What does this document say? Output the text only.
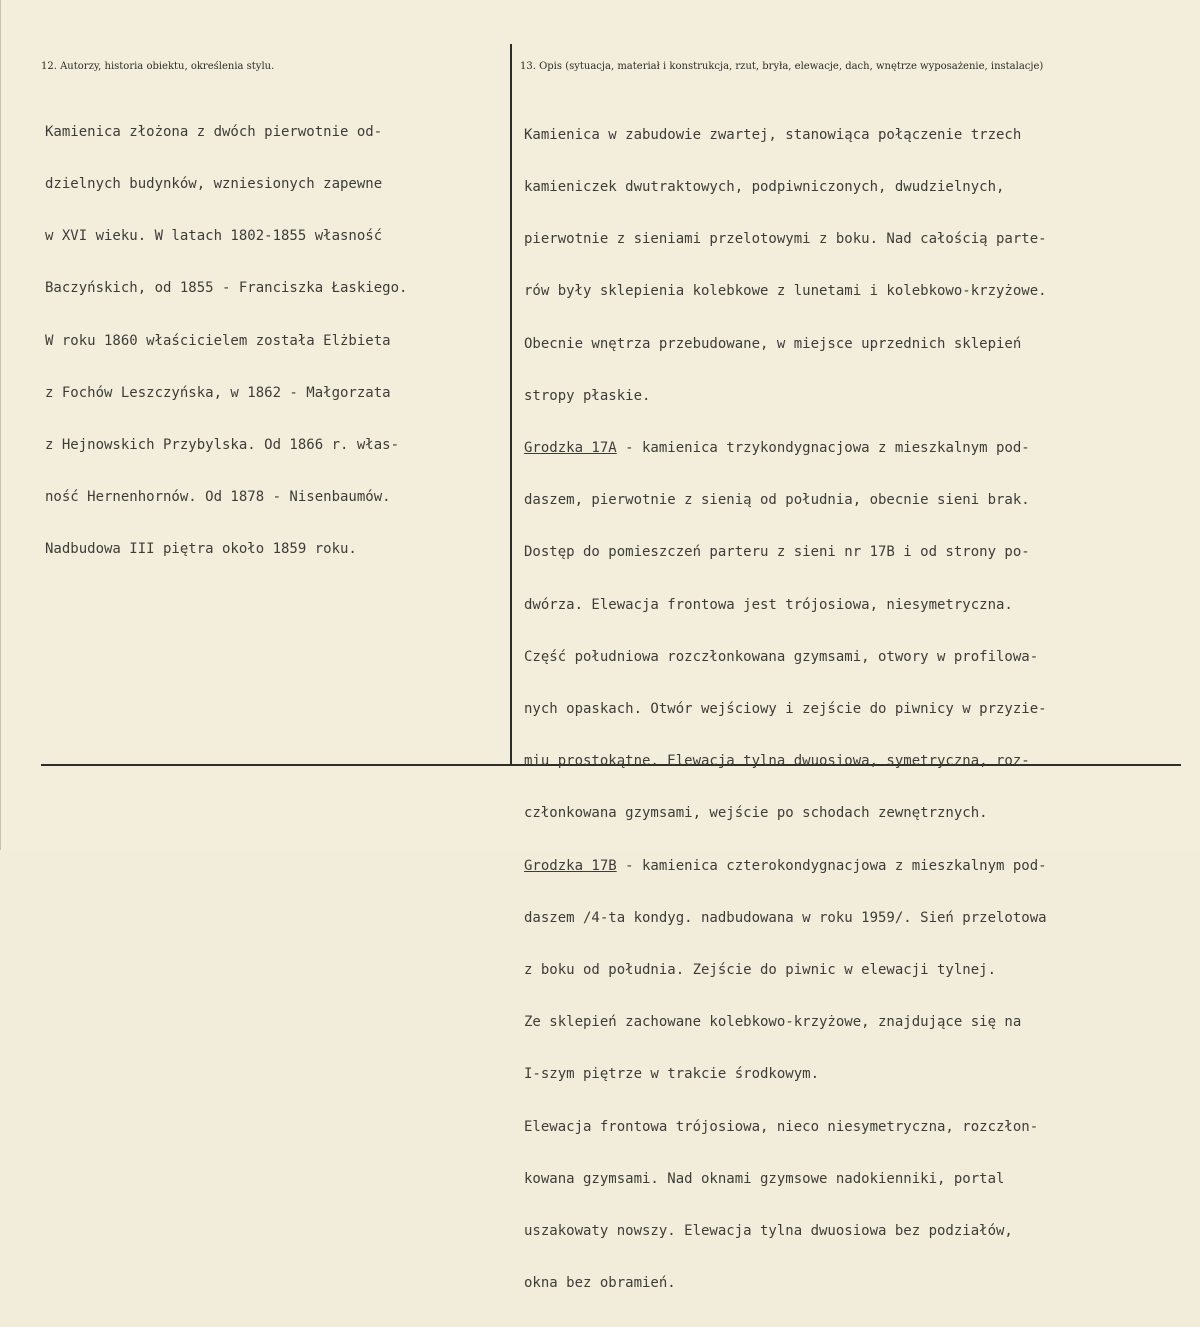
12. Autorzy, historia obiektu, określenia stylu.	13. Opis (sytuacja, materiał i konstrukcja, rzut, bryła, elewacje, dach, wnętrze wyposażenie, instalacje)

Kamienica złożona z dwóch pierwotnie od-

dzielnych budynków, wzniesionych zapewne

w XVI wieku. W latach 1802-1855 własność

Baczyńskich, od 1855 - Franciszka Łaskiego.

W roku 1860 właścicielem została Elżbieta

z Fochów Leszczyńska, w 1862 - Małgorzata

z Hejnowskich Przybylska. Od 1866 r. włas-

ność Hernenhornów. Od 1878 - Nisenbaumów.

Nadbudowa III piętra około 1859 roku.

Kamienica w zabudowie zwartej, stanowiąca połączenie trzech

kamieniczek dwutraktowych, podpiwniczonych, dwudzielnych,

pierwotnie z sieniami przelotowymi z boku. Nad całością parte-

rów były sklepienia kolebkowe z lunetami i kolebkowo-krzyżowe.

Obecnie wnętrza przebudowane, w miejsce uprzednich sklepień

stropy płaskie.

Grodzka 17A - kamienica trzykondygnacjowa z mieszkalnym pod-

daszem, pierwotnie z sienią od południa, obecnie sieni brak.

Dostęp do pomieszczeń parteru z sieni nr 17B i od strony po-

dwórza. Elewacja frontowa jest trójosiowa, niesymetryczna.

Część południowa rozczłonkowana gzymsami, otwory w profilowa-

nych opaskach. Otwór wejściowy i zejście do piwnicy w przyzie-

miu prostokątne. Elewacja tylna dwuosiowa, symetryczna, roz-

członkowana gzymsami, wejście po schodach zewnętrznych.

Grodzka 17B - kamienica czterokondygnacjowa z mieszkalnym pod-

daszem /4-ta kondyg. nadbudowana w roku 1959/. Sień przelotowa

z boku od południa. Zejście do piwnic w elewacji tylnej.

Ze sklepień zachowane kolebkowo-krzyżowe, znajdujące się na

I-szym piętrze w trakcie środkowym.

Elewacja frontowa trójosiowa, nieco niesymetryczna, rozczłon-

kowana gzymsami. Nad oknami gzymsowe nadokienniki, portal

uszakowaty nowszy. Elewacja tylna dwuosiowa bez podziałów,

okna bez obramień.
